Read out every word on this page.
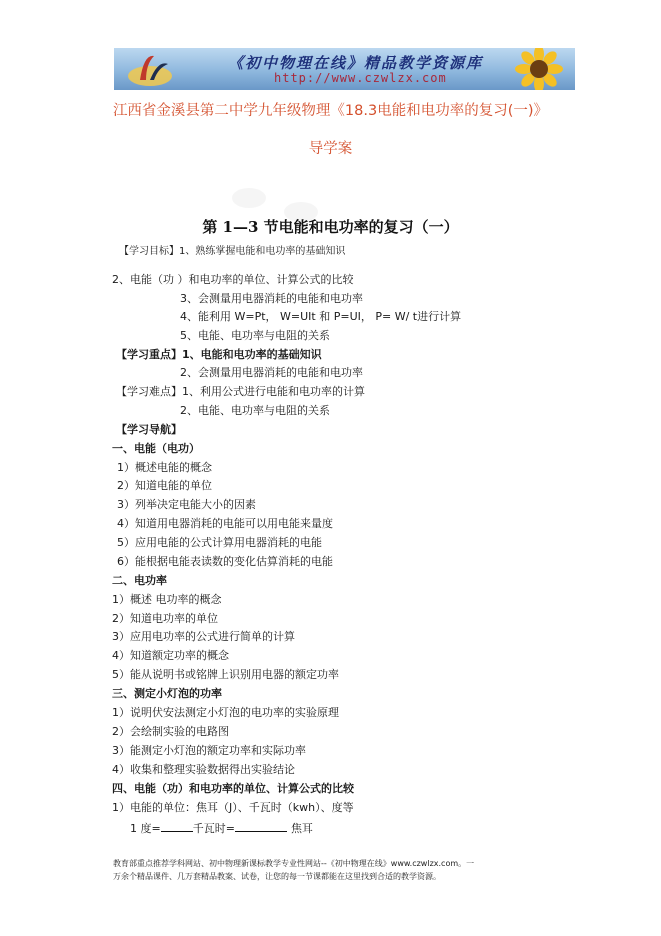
《初中物理在线》精品教学资源库
http://www.czwlzx.com
江西省金溪县第二中学九年级物理《18.3电能和电功率的复习(一)》
导学案
第 1—3 节电能和电功率的复习（一）
【学习目标】1、熟练掌握电能和电功率的基础知识
2、电能（功 ）和电功率的单位、计算公式的比较
3、会测量用电器消耗的电能和电功率
4、能利用 W=Pt， W=UIt 和 P=UI， P= W/ t进行计算
5、电能、电功率与电阻的关系
【学习重点】1、电能和电功率的基础知识
2、会测量用电器消耗的电能和电功率
【学习难点】1、利用公式进行电能和电功率的计算
2、电能、电功率与电阻的关系
【学习导航】
一、电能（电功）
1）概述电能的概念
2）知道电能的单位
3）列举决定电能大小的因素
4）知道用电器消耗的电能可以用电能来量度
5）应用电能的公式计算用电器消耗的电能
6）能根据电能表读数的变化估算消耗的电能
二、电功率
1）概述 电功率的概念
2）知道电功率的单位
3）应用电功率的公式进行简单的计算
4）知道额定功率的概念
5）能从说明书或铭牌上识别用电器的额定功率
三、测定小灯泡的功率
1）说明伏安法测定小灯泡的电功率的实验原理
2）会绘制实验的电路图
3）能测定小灯泡的额定功率和实际功率
4）收集和整理实验数据得出实验结论
四、电能（功）和电功率的单位、计算公式的比较
1）电能的单位：焦耳（J）、千瓦时（kwh）、度等
1 度=	千瓦时=	焦耳
教育部重点推荐学科网站、初中物理新课标教学专业性网站--《初中物理在线》www.czwlzx.com。一
万余个精品课件、几万套精品教案、试卷，让您的每一节课都能在这里找到合适的教学资源。
